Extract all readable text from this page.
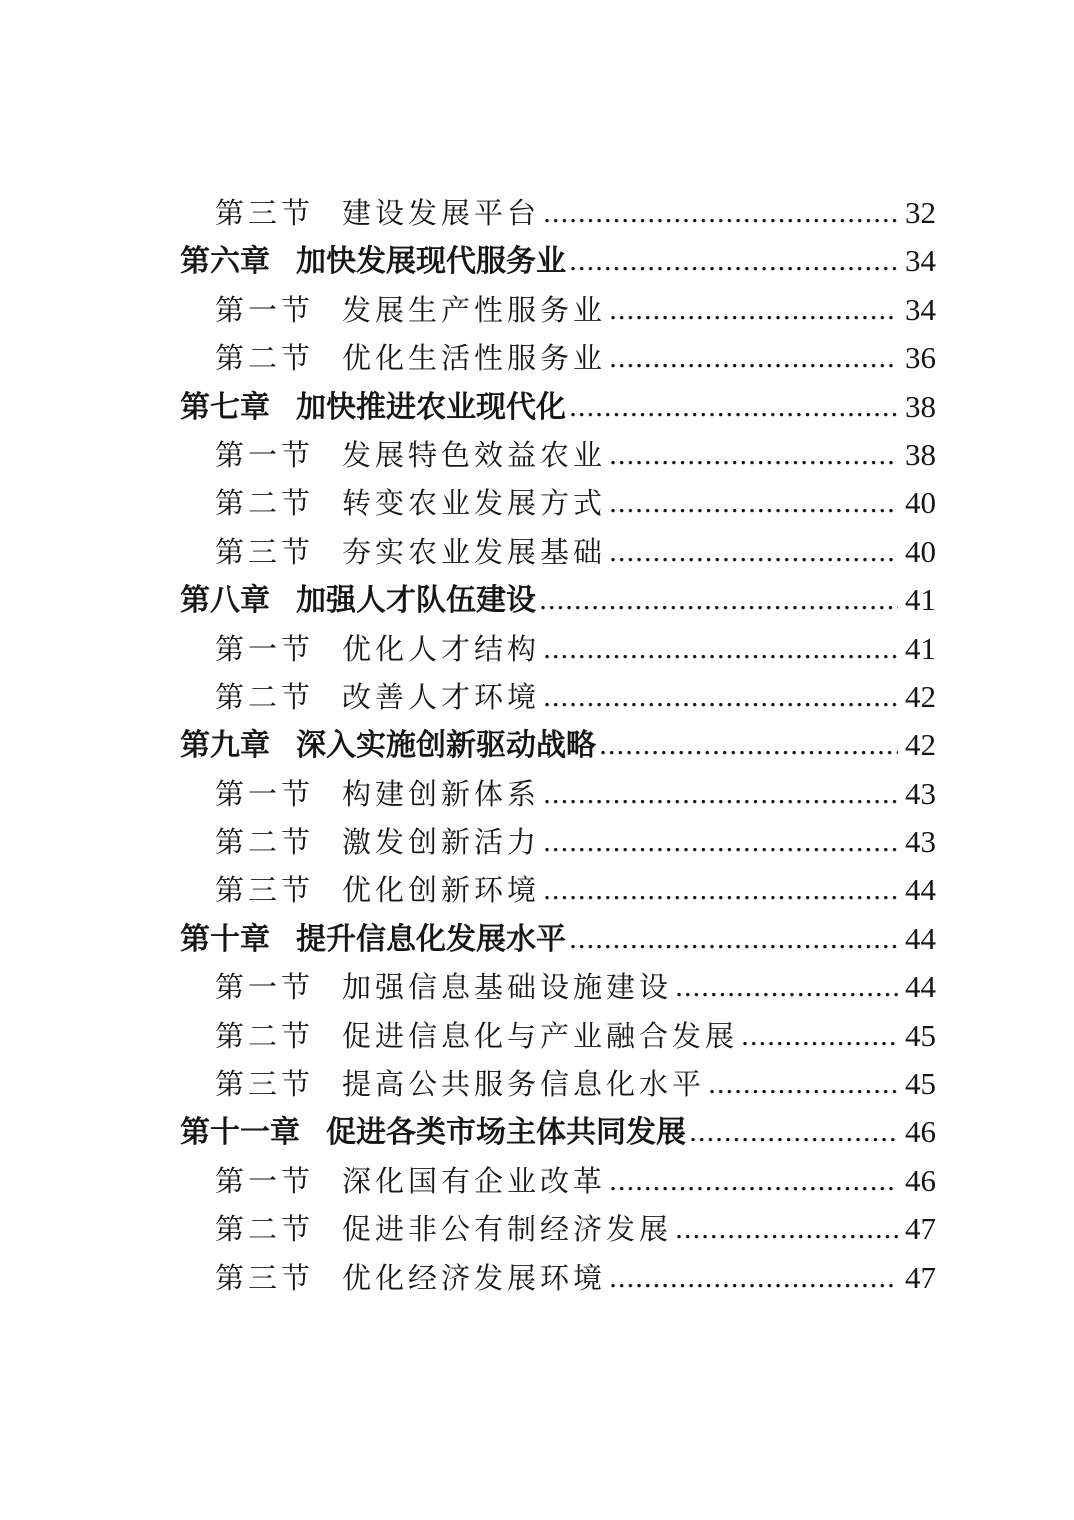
第三节 建设发展平台	32
第六章 加快发展现代服务业	34
第一节 发展生产性服务业	34
第二节 优化生活性服务业	36
第七章 加快推进农业现代化	38
第一节 发展特色效益农业	38
第二节 转变农业发展方式	40
第三节 夯实农业发展基础	40
第八章 加强人才队伍建设	41
第一节 优化人才结构	41
第二节 改善人才环境	42
第九章 深入实施创新驱动战略	42
第一节 构建创新体系	43
第二节 激发创新活力	43
第三节 优化创新环境	44
第十章 提升信息化发展水平	44
第一节 加强信息基础设施建设	44
第二节 促进信息化与产业融合发展	45
第三节 提高公共服务信息化水平	45
第十一章 促进各类市场主体共同发展	46
第一节 深化国有企业改革	46
第二节 促进非公有制经济发展	47
第三节 优化经济发展环境	47
